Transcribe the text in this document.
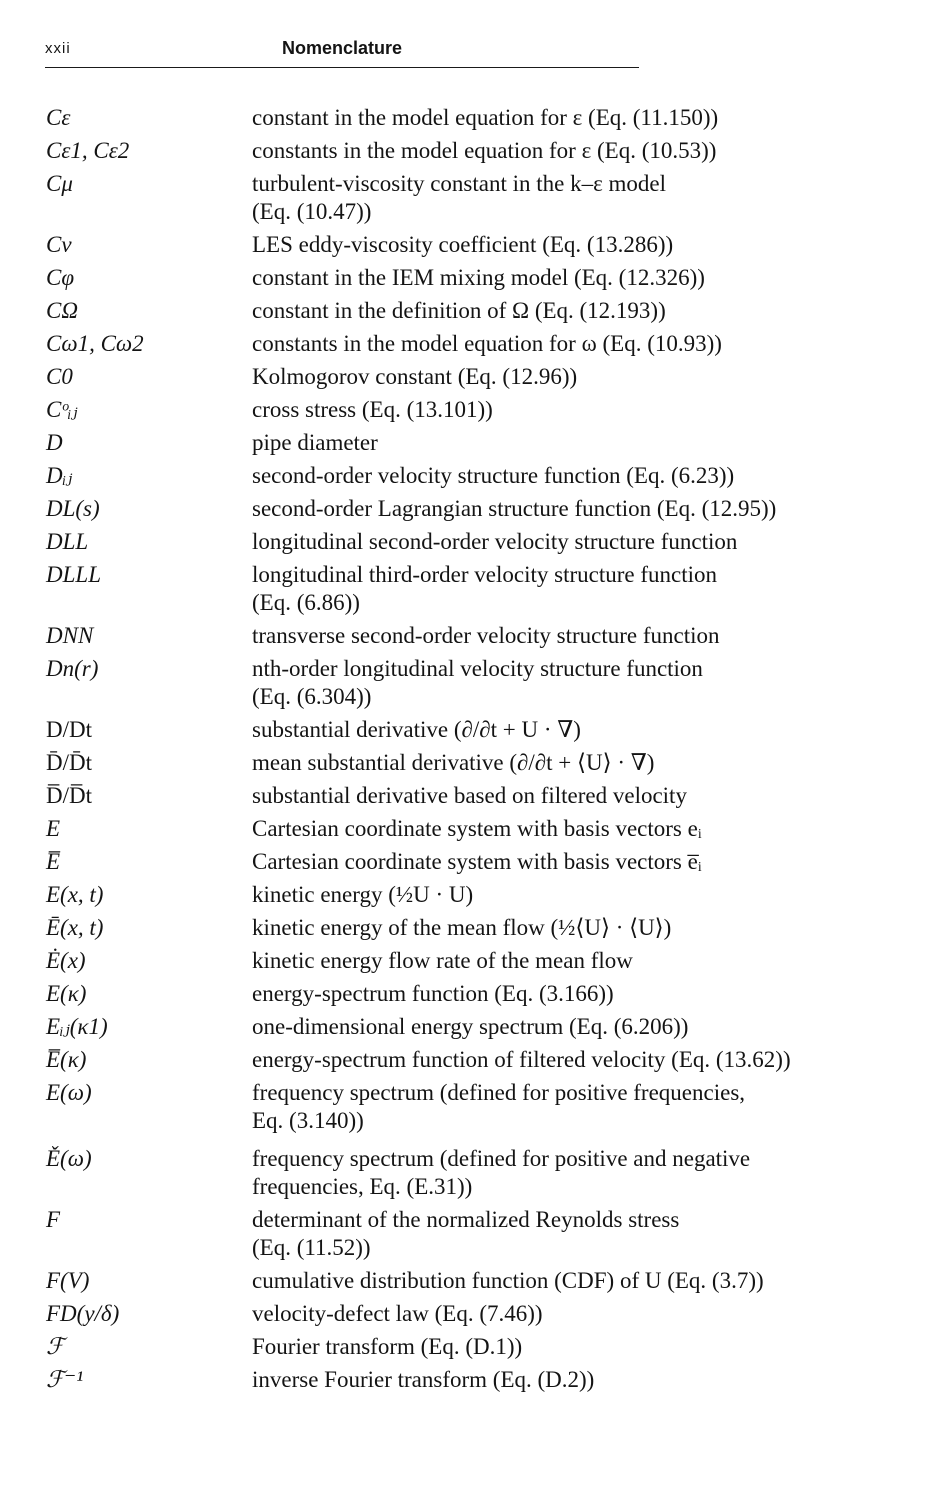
xxii	Nomenclature
Cε	constant in the model equation for ε (Eq. (11.150))
Cε1, Cε2	constants in the model equation for ε (Eq. (10.53))
Cμ	turbulent-viscosity constant in the k–ε model
(Eq. (10.47))
Cν	LES eddy-viscosity coefficient (Eq. (13.286))
Cφ	constant in the IEM mixing model (Eq. (12.326))
CΩ	constant in the definition of Ω (Eq. (12.193))
Cω1, Cω2	constants in the model equation for ω (Eq. (10.93))
C0	Kolmogorov constant (Eq. (12.96))
Cᵒᵢⱼ	cross stress (Eq. (13.101))
D	pipe diameter
Dᵢⱼ	second-order velocity structure function (Eq. (6.23))
DL(s)	second-order Lagrangian structure function (Eq. (12.95))
DLL	longitudinal second-order velocity structure function
DLLL	longitudinal third-order velocity structure function
(Eq. (6.86))
DNN	transverse second-order velocity structure function
Dn(r)	nth-order longitudinal velocity structure function
(Eq. (6.304))
D/Dt	substantial derivative (∂/∂t + U · ∇)
D̄/D̄t	mean substantial derivative (∂/∂t + ⟨U⟩ · ∇)
D̅/D̅t	substantial derivative based on filtered velocity
E	Cartesian coordinate system with basis vectors eᵢ
E̅	Cartesian coordinate system with basis vectors e̅ᵢ
E(x, t)	kinetic energy (½U · U)
Ē(x, t)	kinetic energy of the mean flow (½⟨U⟩ · ⟨U⟩)
Ė(x)	kinetic energy flow rate of the mean flow
E(κ)	energy-spectrum function (Eq. (3.166))
Eᵢⱼ(κ1)	one-dimensional energy spectrum (Eq. (6.206))
E̅(κ)	energy-spectrum function of filtered velocity (Eq. (13.62))
E(ω)	frequency spectrum (defined for positive frequencies,
Eq. (3.140))
Ě(ω)	frequency spectrum (defined for positive and negative
frequencies, Eq. (E.31))
F	determinant of the normalized Reynolds stress
(Eq. (11.52))
F(V)	cumulative distribution function (CDF) of U (Eq. (3.7))
FD(y/δ)	velocity-defect law (Eq. (7.46))
ℱ	Fourier transform (Eq. (D.1))
ℱ⁻¹	inverse Fourier transform (Eq. (D.2))
